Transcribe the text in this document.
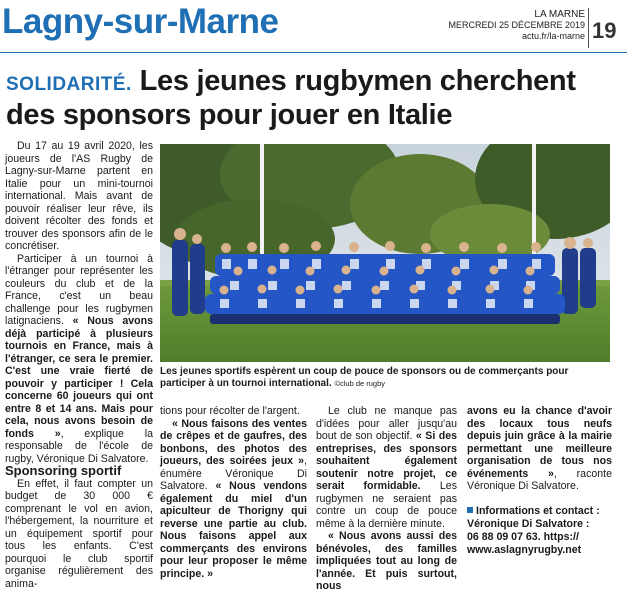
Lagny-sur-Marne	LA MARNE
MERCREDI 25 DÉCEMBRE 2019
actu.fr/la-marne 19
SOLIDARITÉ. Les jeunes rugbymen cherchent des sponsors pour jouer en Italie

Du 17 au 19 avril 2020, les joueurs de l'AS Rugby de Lagny-sur-Marne partent en Italie pour un mini-tournoi international. Mais avant de pouvoir réaliser leur rêve, ils doivent récolter des fonds et trouver des sponsors afin de le concrétiser.

Participer à un tournoi à l'étranger pour représenter les couleurs du club et de la France, c'est un beau challenge pour les rugbymen latignaciens. « Nous avons déjà participé à plusieurs tournois en France, mais à l'étranger, ce sera le premier. C'est une vraie fierté de pouvoir y participer ! Cela concerne 60 joueurs qui ont entre 8 et 14 ans. Mais pour cela, nous avons besoin de fonds », explique la responsable de l'école de rugby, Véronique Di Salvatore.

Sponsoring sportif

En effet, il faut compter un budget de 30 000 € comprenant le vol en avion, l'hébergement, la nourriture et un équipement sportif pour tous les enfants. C'est pourquoi le club sportif organise régulièrement des anima-

Les jeunes sportifs espèrent un coup de pouce de sponsors ou de commerçants pour participer à un tournoi international. ©club de rugby

tions pour récolter de l'argent.

« Nous faisons des ventes de crêpes et de gaufres, des bonbons, des photos des joueurs, des soirées jeux », énumère Véronique Di Salvatore. « Nous vendons également du miel d'un apiculteur de Thorigny qui reverse une partie au club. Nous faisons appel aux commerçants des environs pour leur proposer le même principe. »

Le club ne manque pas d'idées pour aller jusqu'au bout de son objectif. « Si des entreprises, des sponsors souhaitent également soutenir notre projet, ce serait formidable. Les rugbymen ne seraient pas contre un coup de pouce même à la dernière minute.

« Nous avons aussi des bénévoles, des familles impliquées tout au long de l'année. Et puis surtout, nous

avons eu la chance d'avoir des locaux tous neufs depuis juin grâce à la mairie permettant une meilleure organisation de tous nos événements », raconte Véronique Di Salvatore.

Informations et contact :
Véronique Di Salvatore :
06 88 09 07 63. https://
www.aslagnyrugby.net
